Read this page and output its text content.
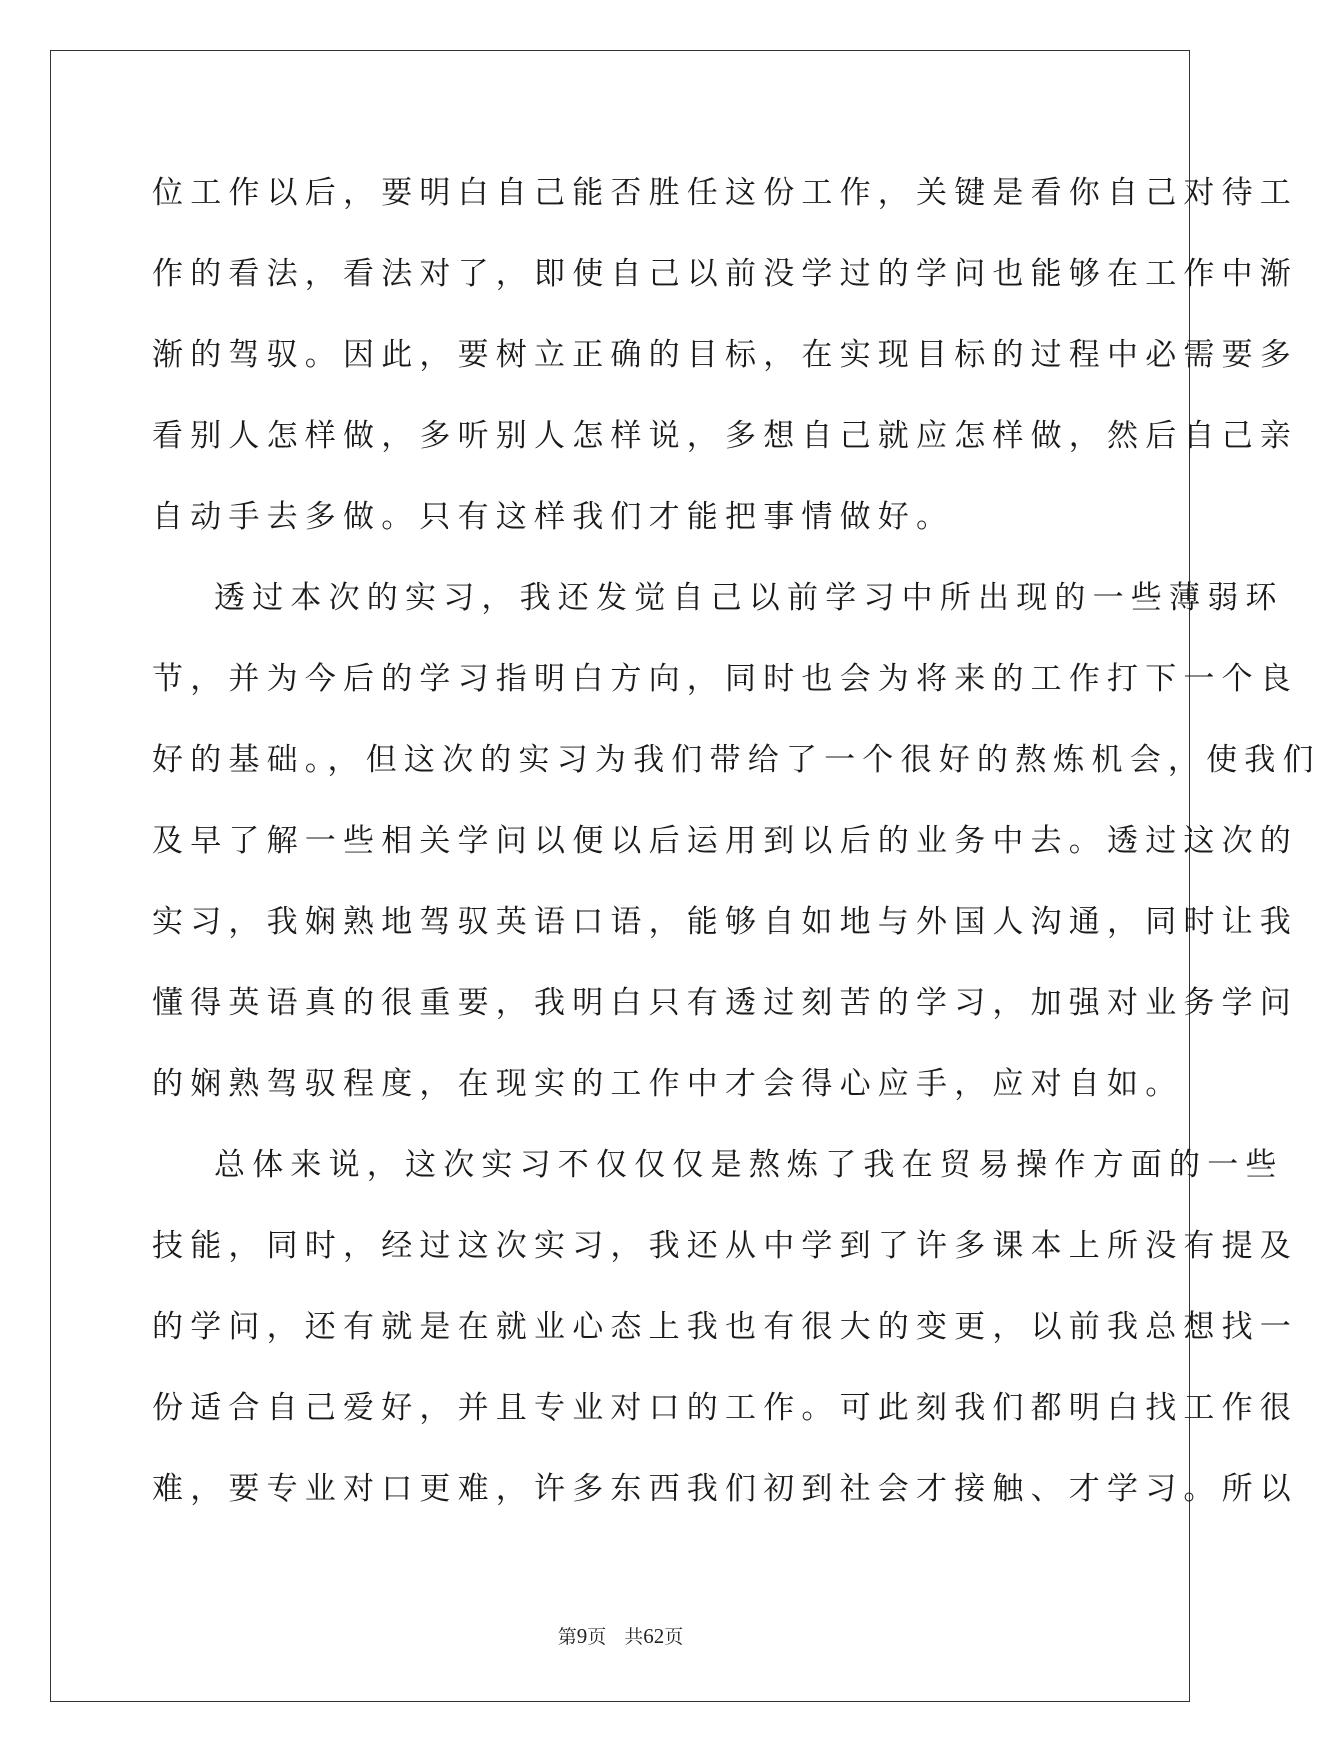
位工作以后，要明白自己能否胜任这份工作，关键是看你自己对待工
作的看法，看法对了，即使自己以前没学过的学问也能够在工作中渐
渐的驾驭。因此，要树立正确的目标，在实现目标的过程中必需要多
看别人怎样做，多听别人怎样说，多想自己就应怎样做，然后自己亲
自动手去多做。只有这样我们才能把事情做好。
透过本次的实习，我还发觉自己以前学习中所出现的一些薄弱环
节，并为今后的学习指明白方向，同时也会为将来的工作打下一个良
好的基础。，但这次的实习为我们带给了一个很好的熬炼机会，使我们
及早了解一些相关学问以便以后运用到以后的业务中去。透过这次的
实习，我娴熟地驾驭英语口语，能够自如地与外国人沟通，同时让我
懂得英语真的很重要，我明白只有透过刻苦的学习，加强对业务学问
的娴熟驾驭程度，在现实的工作中才会得心应手，应对自如。
总体来说，这次实习不仅仅仅是熬炼了我在贸易操作方面的一些
技能，同时，经过这次实习，我还从中学到了许多课本上所没有提及
的学问，还有就是在就业心态上我也有很大的变更，以前我总想找一
份适合自己爱好，并且专业对口的工作。可此刻我们都明白找工作很
难，要专业对口更难，许多东西我们初到社会才接触、才学习。所以
第9页 共62页
